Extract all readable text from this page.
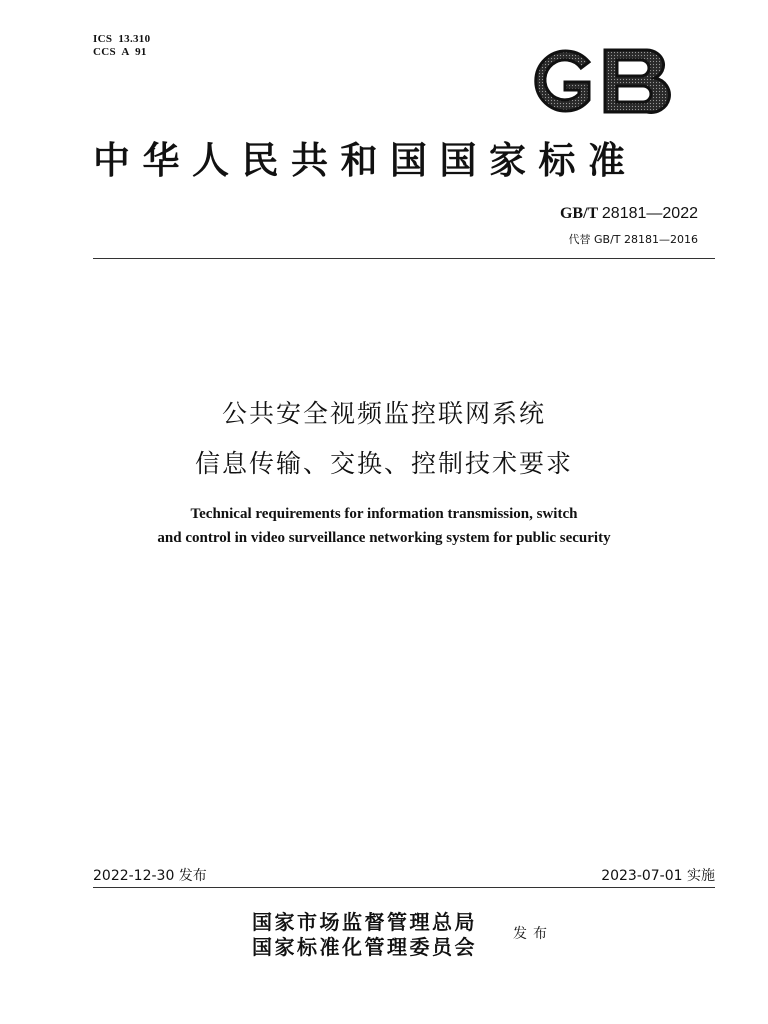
ICS  13.310
CCS  A  91
中华人民共和国国家标准
GB/T 28181—2022
代替 GB/T 28181—2016
公共安全视频监控联网系统
信息传输、交换、控制技术要求
Technical requirements for information transmission, switch
and control in video surveillance networking system for public security
2022-12-30 发布	2023-07-01 实施
国家市场监督管理总局
国家标准化管理委员会
发布
